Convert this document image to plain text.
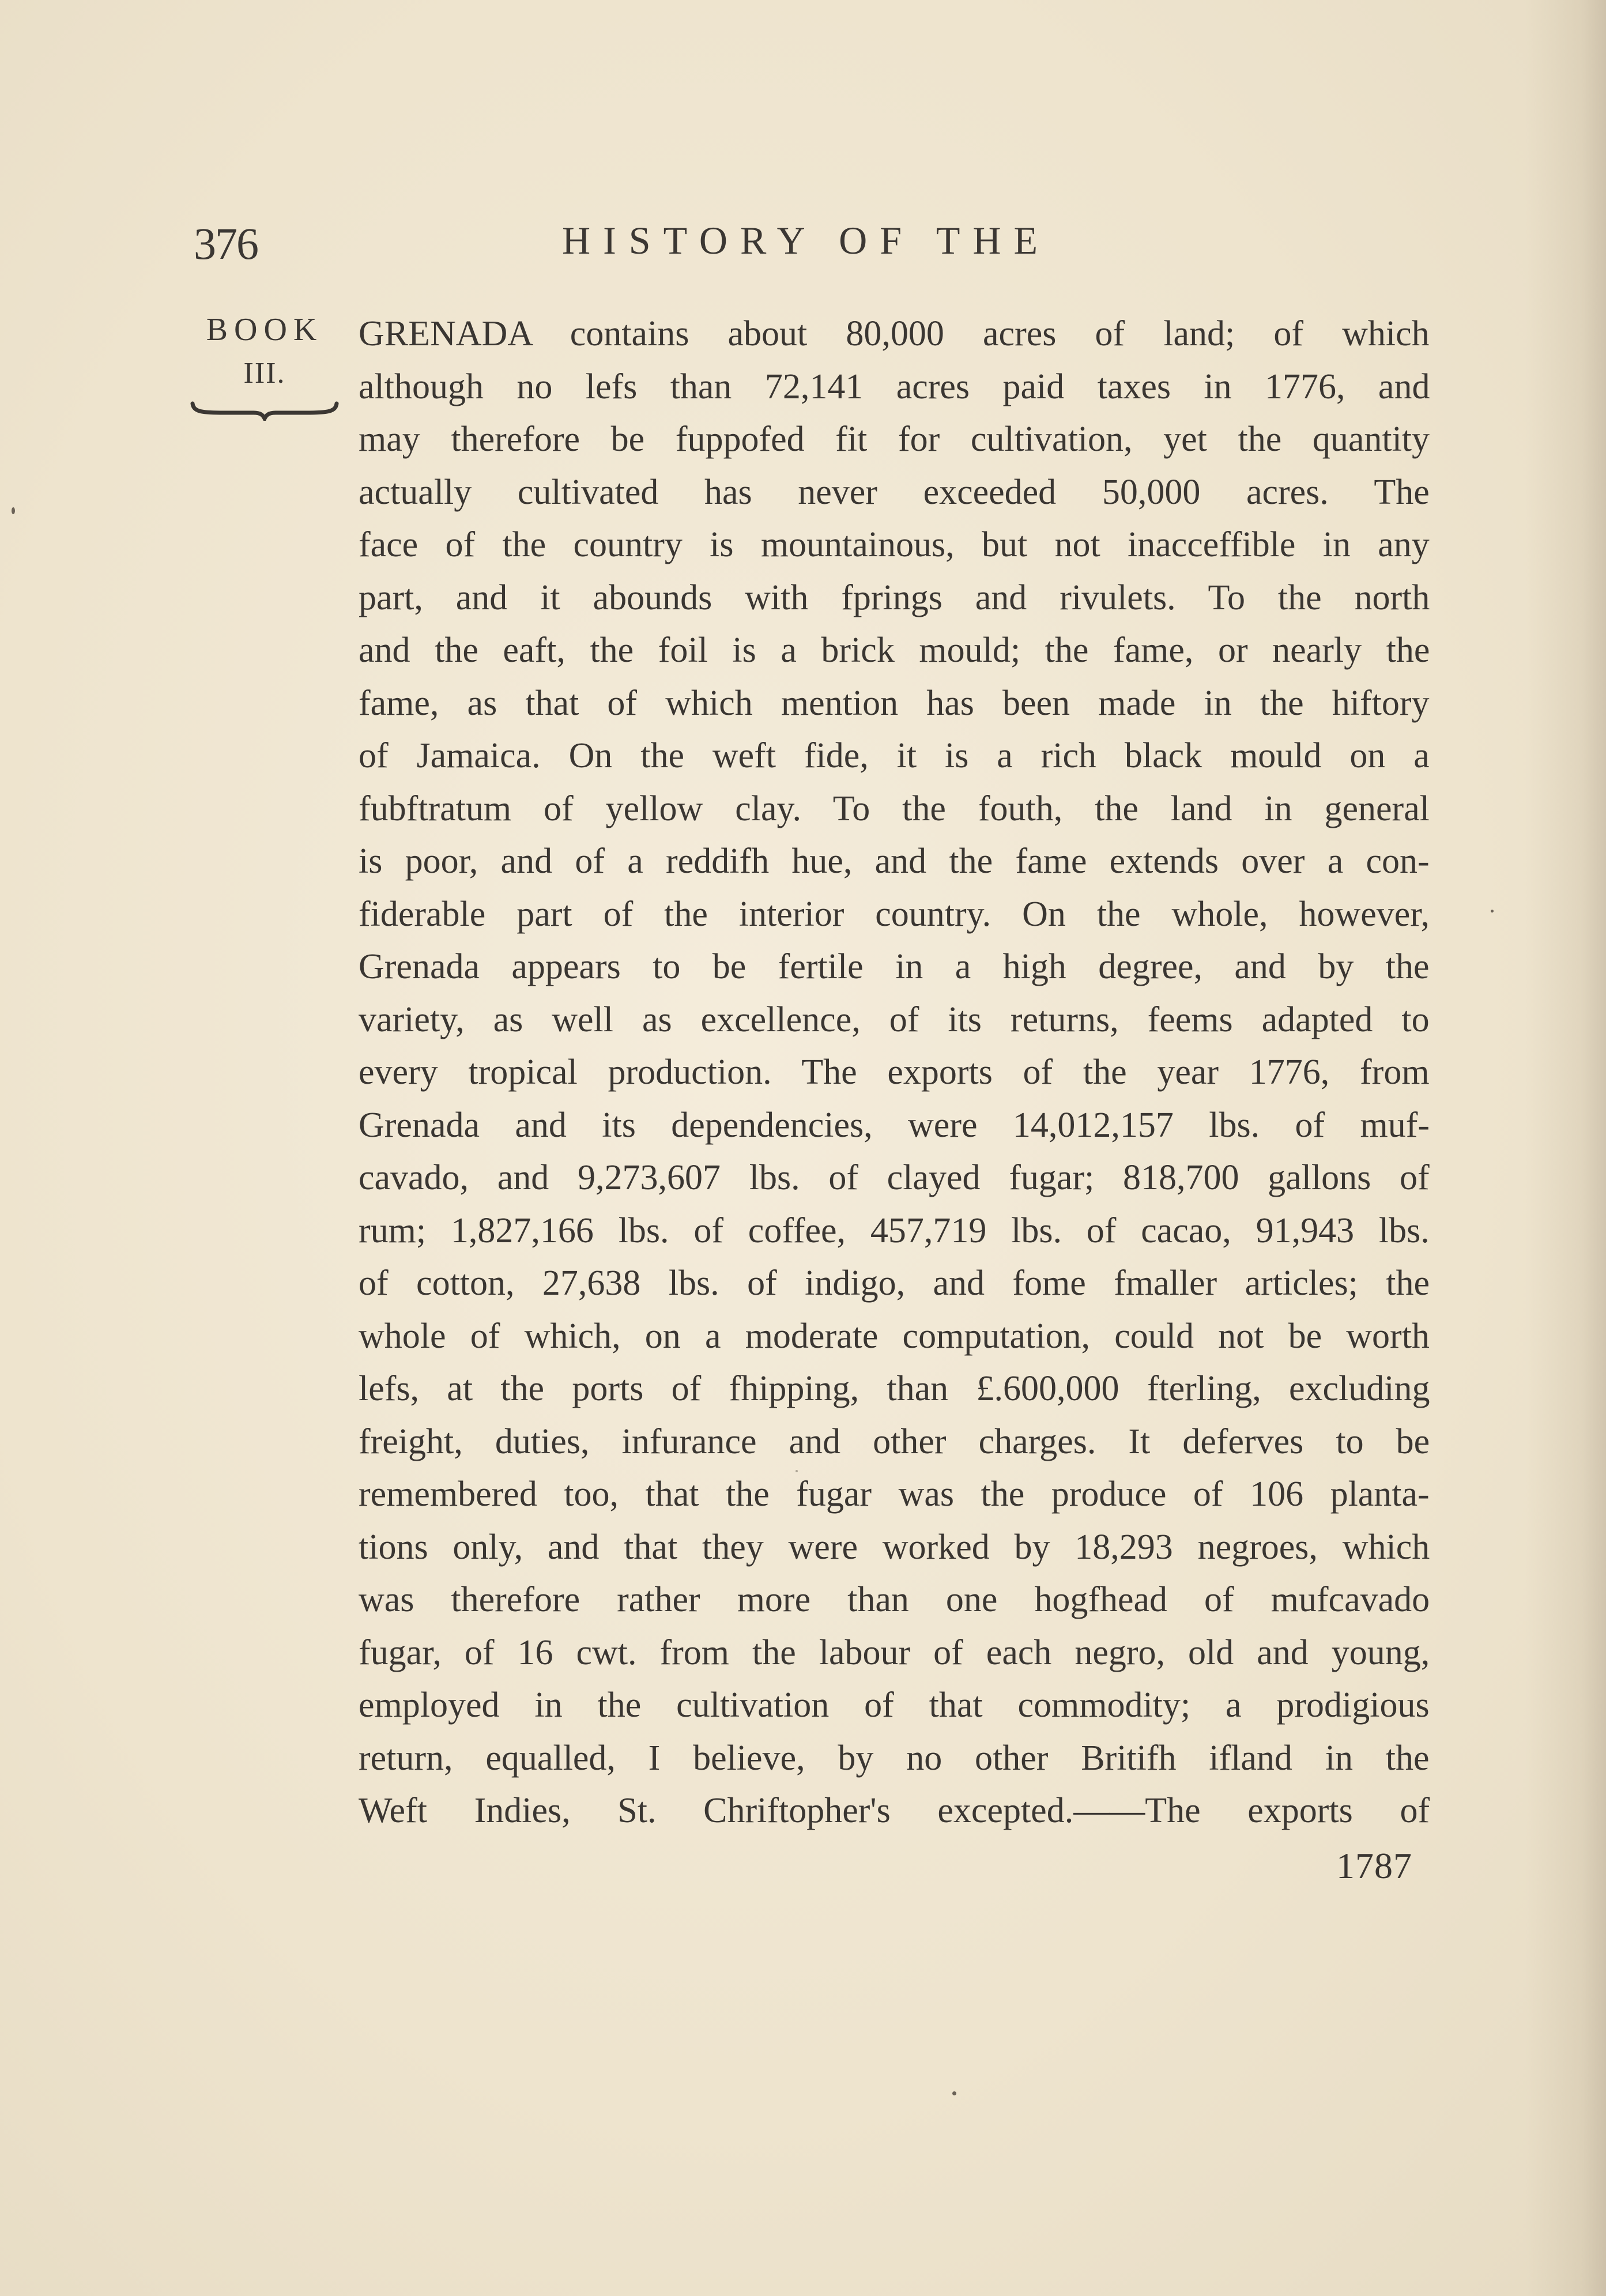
376	HISTORY OF THE
BOOK
III.
GRENADA contains about 80,000 acres of land; of which
although no lefs than 72,141 acres paid taxes in 1776, and
may therefore be fuppofed fit for cultivation, yet the quantity
actually cultivated has never exceeded 50,000 acres. The
face of the country is mountainous, but not inacceffible in any
part, and it abounds with fprings and rivulets. To the north
and the eaft, the foil is a brick mould; the fame, or nearly the
fame, as that of which mention has been made in the hiftory
of Jamaica. On the weft fide, it is a rich black mould on a
fubftratum of yellow clay. To the fouth, the land in general
is poor, and of a reddifh hue, and the fame extends over a con-
fiderable part of the interior country. On the whole, however,
Grenada appears to be fertile in a high degree, and by the
variety, as well as excellence, of its returns, feems adapted to
every tropical production. The exports of the year 1776, from
Grenada and its dependencies, were 14,012,157 lbs. of muf-
cavado, and 9,273,607 lbs. of clayed fugar; 818,700 gallons of
rum; 1,827,166 lbs. of coffee, 457,719 lbs. of cacao, 91,943 lbs.
of cotton, 27,638 lbs. of indigo, and fome fmaller articles; the
whole of which, on a moderate computation, could not be worth
lefs, at the ports of fhipping, than £.600,000 fterling, excluding
freight, duties, infurance and other charges. It deferves to be
remembered too, that the fugar was the produce of 106 planta-
tions only, and that they were worked by 18,293 negroes, which
was therefore rather more than one hogfhead of mufcavado
fugar, of 16 cwt. from the labour of each negro, old and young,
employed in the cultivation of that commodity; a prodigious
return, equalled, I believe, by no other Britifh ifland in the
Weft Indies, St. Chriftopher's excepted.——The exports of
1787
